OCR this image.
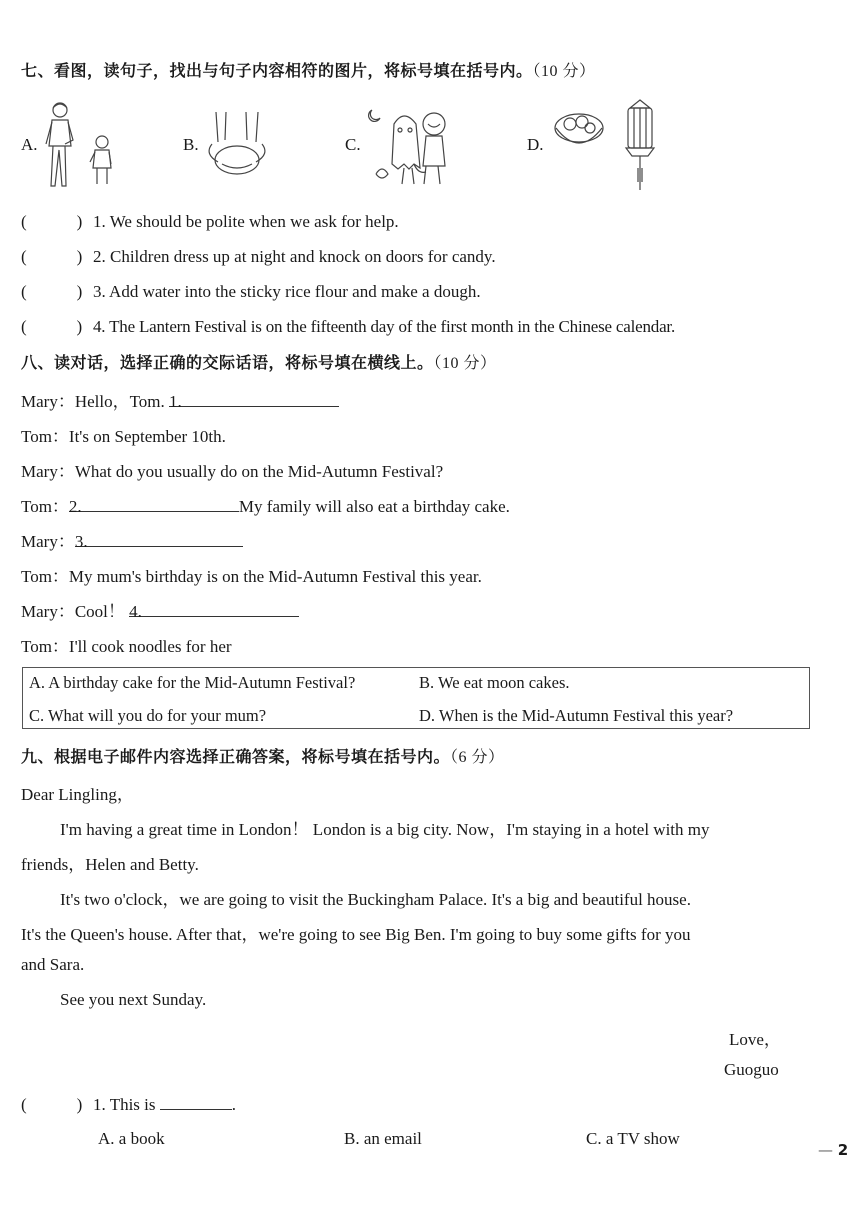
七、看图，读句子，找出与句子内容相符的图片，将标号填在括号内。（10 分）
A.	B.	C.	D.
(	) 1. We should be polite when we ask for help.
(	) 2. Children dress up at night and knock on doors for candy.
(	) 3. Add water into the sticky rice flour and make a dough.
(	) 4. The Lantern Festival is on the fifteenth day of the first month in the Chinese calendar.
八、读对话，选择正确的交际话语，将标号填在横线上。（10 分）
Mary：Hello，Tom. 1.
Tom：It's on September 10th.
Mary：What do you usually do on the Mid-Autumn Festival?
Tom：2.	My family will also eat a birthday cake.
Mary：3.
Tom：My mum's birthday is on the Mid-Autumn Festival this year.
Mary：Cool！ 4.
Tom：I'll cook noodles for her
A. A birthday cake for the Mid-Autumn Festival?	B. We eat moon cakes.
C. What will you do for your mum?	D. When is the Mid-Autumn Festival this year?
九、根据电子邮件内容选择正确答案，将标号填在括号内。（6 分）
Dear Lingling，
I'm having a great time in London！ London is a big city. Now，I'm staying in a hotel with my
friends，Helen and Betty.
It's two o'clock，we are going to visit the Buckingham Palace. It's a big and beautiful house.
It's the Queen's house. After that，we're going to see Big Ben. I'm going to buy some gifts for you
and Sara.
See you next Sunday.
Love，
Guoguo
(	) 1. This is	.
A. a book	B. an email	C. a TV show
— 2
